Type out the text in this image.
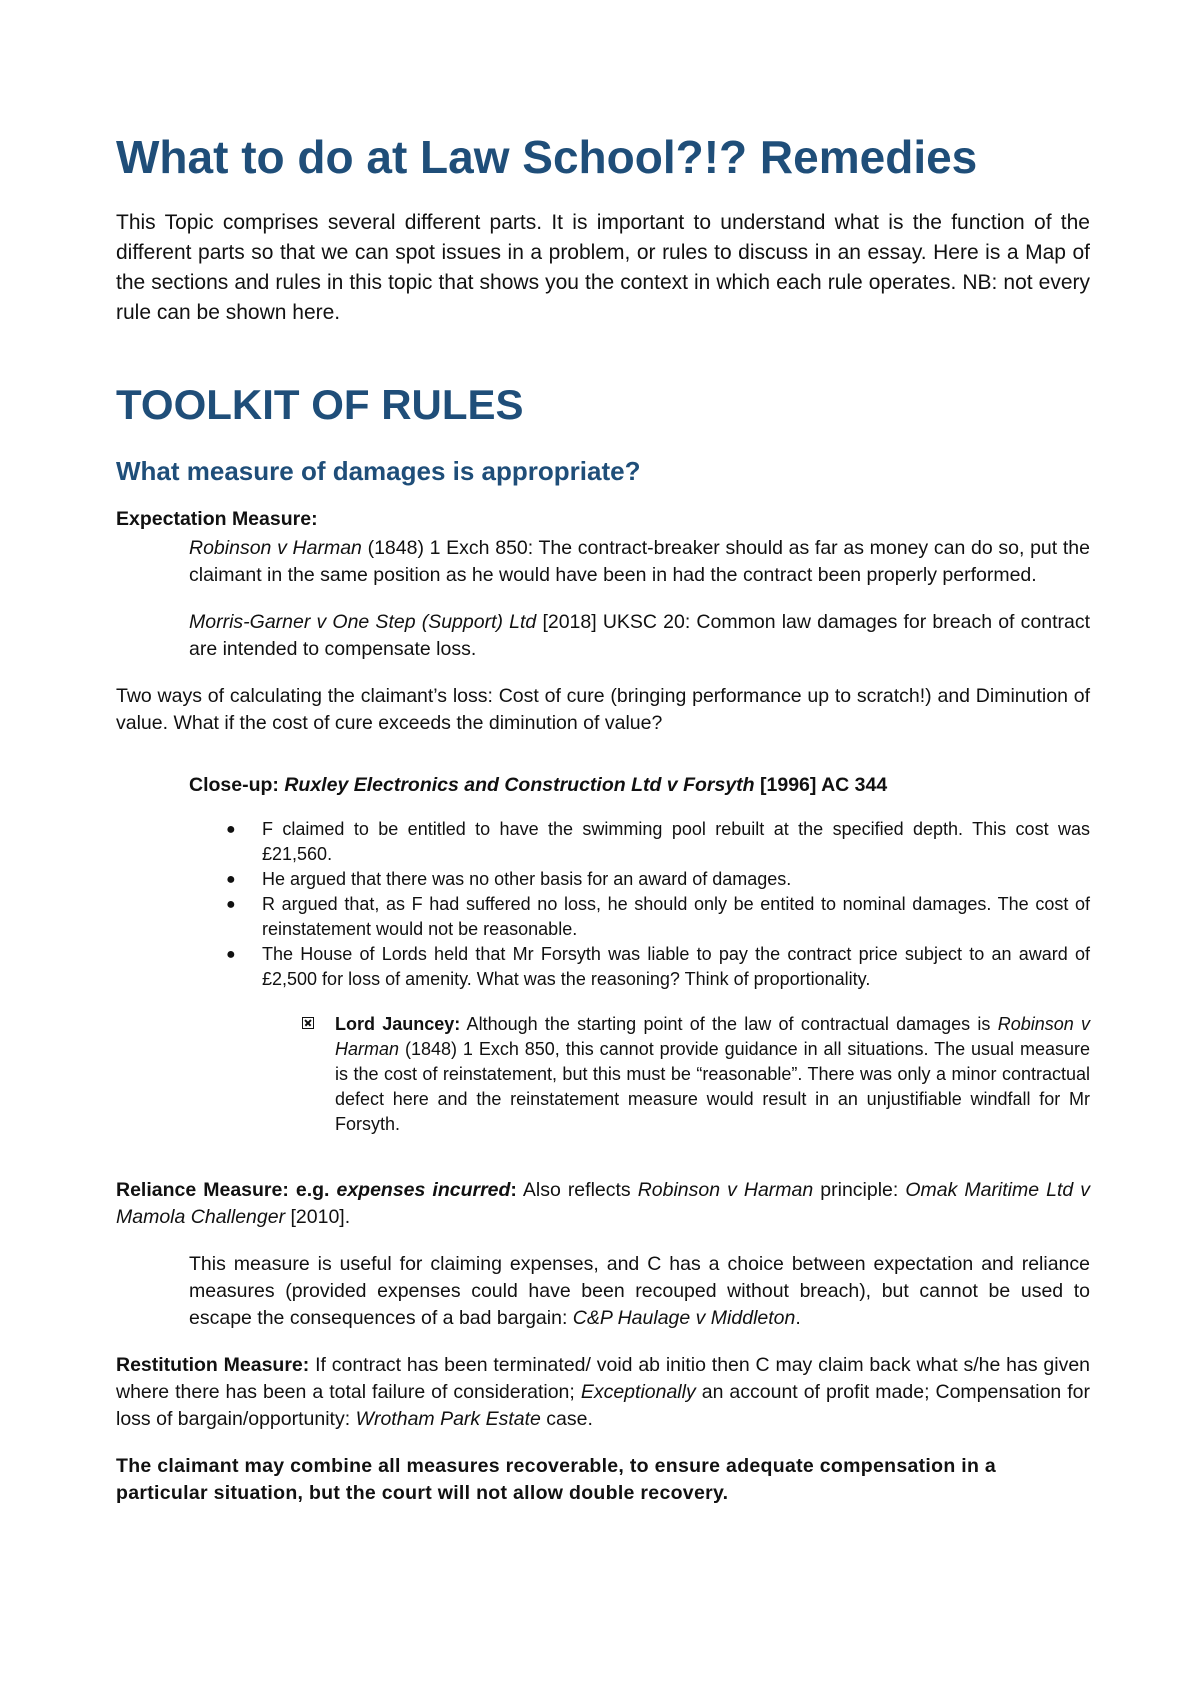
What to do at Law School?!? Remedies
This Topic comprises several different parts. It is important to understand what is the function of the different parts so that we can spot issues in a problem, or rules to discuss in an essay. Here is a Map of the sections and rules in this topic that shows you the context in which each rule operates. NB: not every rule can be shown here.
TOOLKIT OF RULES
What measure of damages is appropriate?
Expectation Measure:
Robinson v Harman (1848) 1 Exch 850: The contract-breaker should as far as money can do so, put the claimant in the same position as he would have been in had the contract been properly performed.
Morris-Garner v One Step (Support) Ltd [2018] UKSC 20: Common law damages for breach of contract are intended to compensate loss.
Two ways of calculating the claimant’s loss: Cost of cure (bringing performance up to scratch!) and Diminution of value. What if the cost of cure exceeds the diminution of value?
Close-up: Ruxley Electronics and Construction Ltd v Forsyth [1996] AC 344
● F claimed to be entitled to have the swimming pool rebuilt at the specified depth. This cost was £21,560.
● He argued that there was no other basis for an award of damages.
● R argued that, as F had suffered no loss, he should only be entited to nominal damages. The cost of reinstatement would not be reasonable.
● The House of Lords held that Mr Forsyth was liable to pay the contract price subject to an award of £2,500 for loss of amenity. What was the reasoning? Think of proportionality.
Lord Jauncey: Although the starting point of the law of contractual damages is Robinson v Harman (1848) 1 Exch 850, this cannot provide guidance in all situations. The usual measure is the cost of reinstatement, but this must be “reasonable”. There was only a minor contractual defect here and the reinstatement measure would result in an unjustifiable windfall for Mr Forsyth.
Reliance Measure: e.g. expenses incurred: Also reflects Robinson v Harman principle: Omak Maritime Ltd v Mamola Challenger [2010].
This measure is useful for claiming expenses, and C has a choice between expectation and reliance measures (provided expenses could have been recouped without breach), but cannot be used to escape the consequences of a bad bargain: C&P Haulage v Middleton.
Restitution Measure: If contract has been terminated/ void ab initio then C may claim back what s/he has given where there has been a total failure of consideration; Exceptionally an account of profit made; Compensation for loss of bargain/opportunity: Wrotham Park Estate case.
The claimant may combine all measures recoverable, to ensure adequate compensation in a particular situation, but the court will not allow double recovery.
